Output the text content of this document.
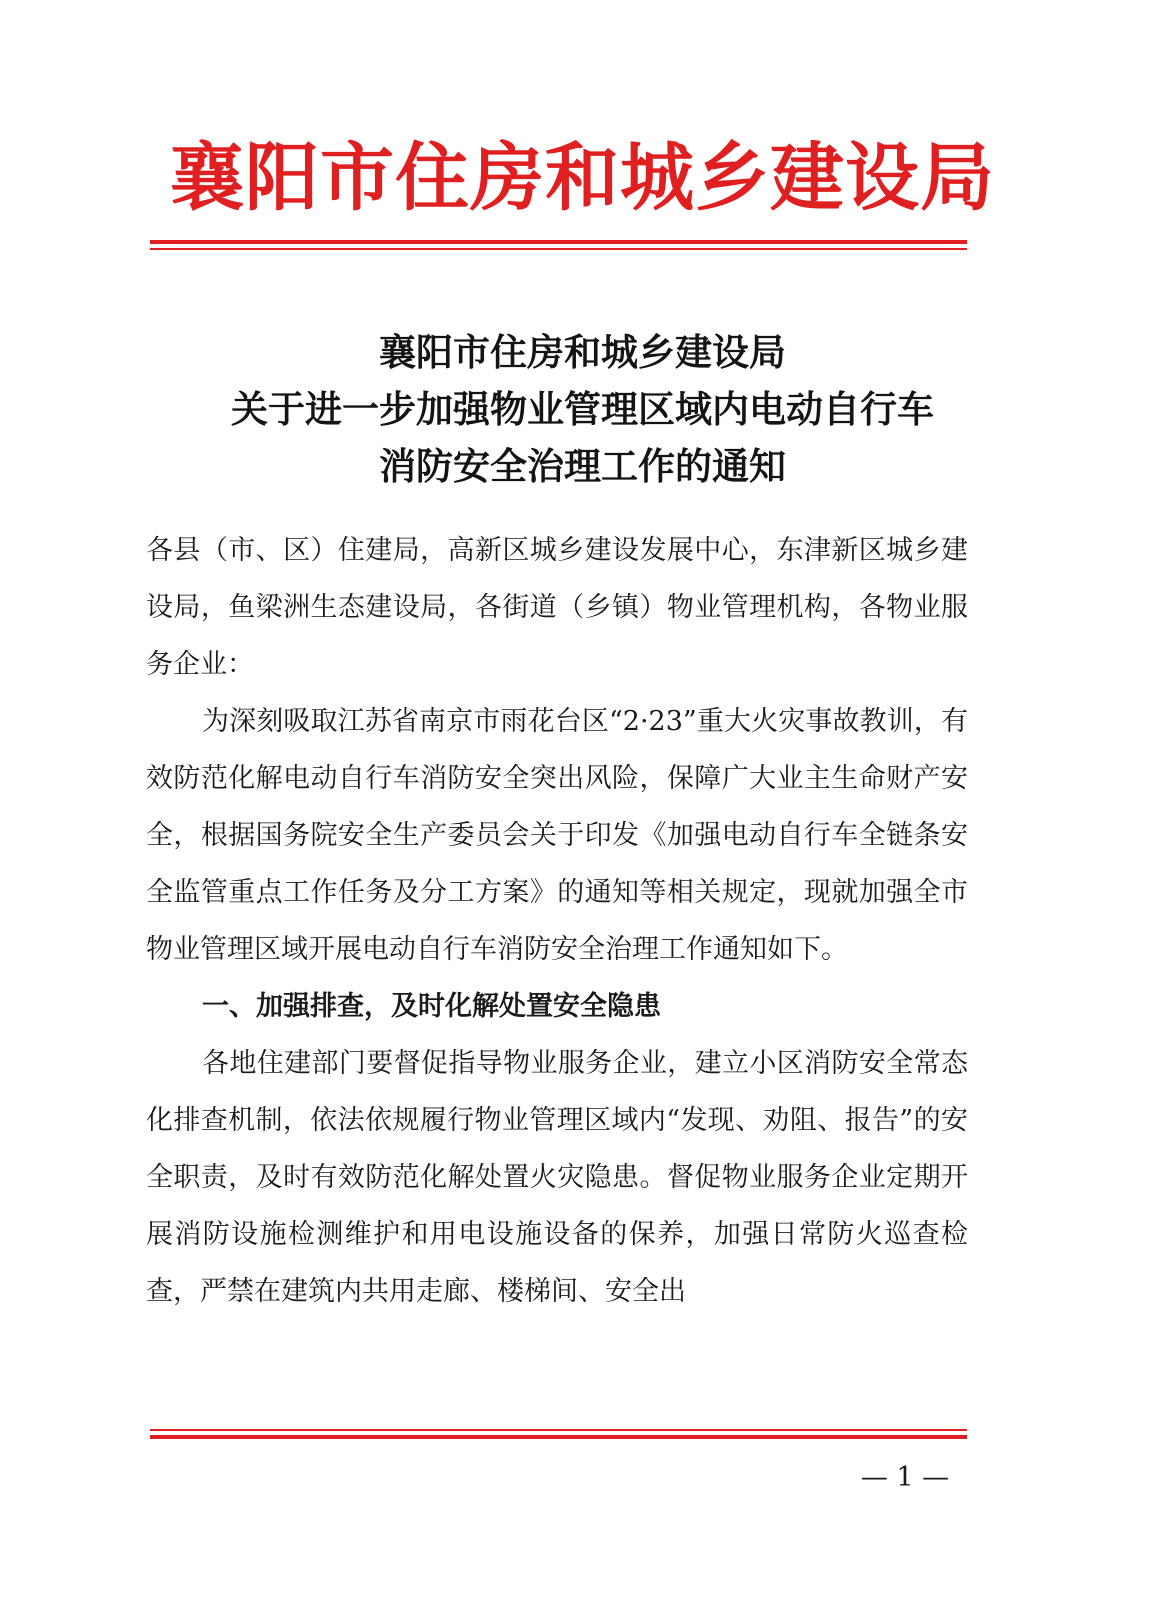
襄阳市住房和城乡建设局
襄阳市住房和城乡建设局
关于进一步加强物业管理区域内电动自行车
消防安全治理工作的通知

各县（市、区）住建局，高新区城乡建设发展中心，东津新区城乡建设局，鱼梁洲生态建设局，各街道（乡镇）物业管理机构，各物业服务企业：

为深刻吸取江苏省南京市雨花台区“2·23”重大火灾事故教训，有效防范化解电动自行车消防安全突出风险，保障广大业主生命财产安全，根据国务院安全生产委员会关于印发《加强电动自行车全链条安全监管重点工作任务及分工方案》的通知等相关规定，现就加强全市物业管理区域开展电动自行车消防安全治理工作通知如下。

一、加强排查，及时化解处置安全隐患

各地住建部门要督促指导物业服务企业，建立小区消防安全常态化排查机制，依法依规履行物业管理区域内“发现、劝阻、报告”的安全职责，及时有效防范化解处置火灾隐患。督促物业服务企业定期开展消防设施检测维护和用电设施设备的保养，加强日常防火巡查检查，严禁在建筑内共用走廊、楼梯间、安全出

— 1 —
